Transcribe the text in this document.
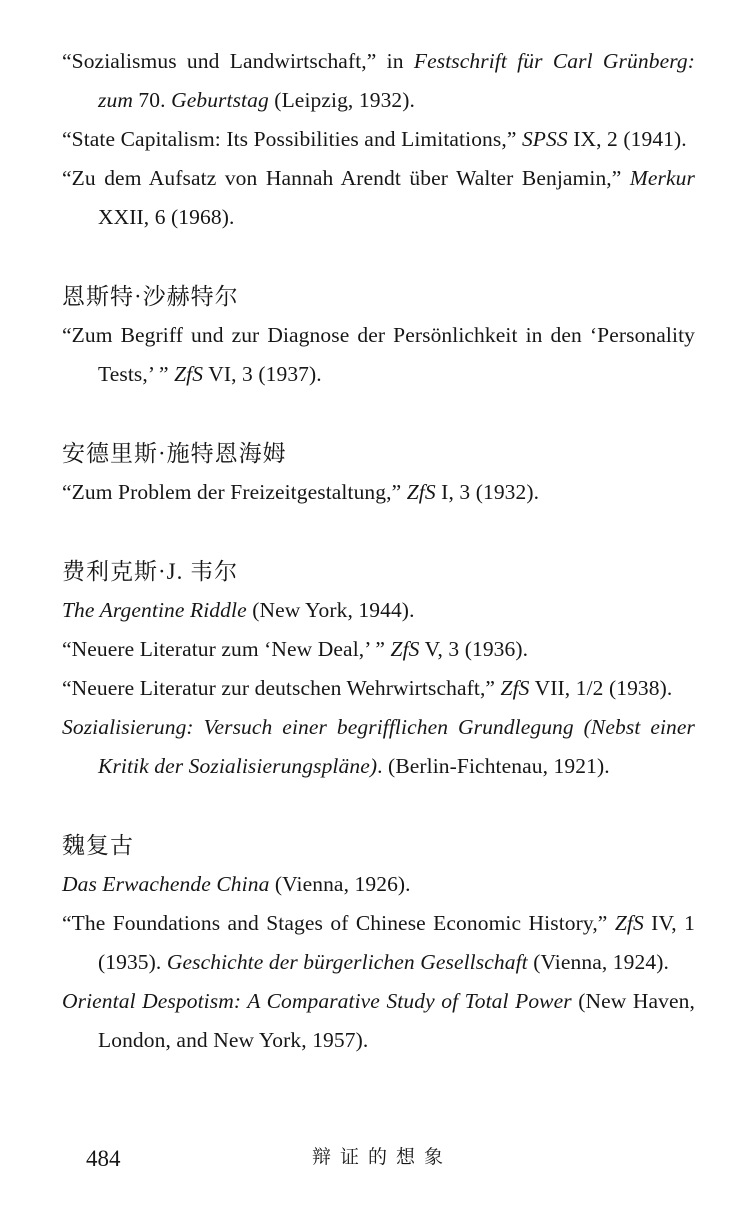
“Sozialismus und Landwirtschaft,” in Festschrift für Carl Grünberg: zum 70. Geburtstag (Leipzig, 1932).

“State Capitalism: Its Possibilities and Limitations,” SPSS IX, 2 (1941).

“Zu dem Aufsatz von Hannah Arendt über Walter Benjamin,” Merkur XXII, 6 (1968).

恩斯特·沙赫特尔

“Zum Begriff und zur Diagnose der Persönlichkeit in den ‘Personality Tests,’ ” ZfS VI, 3 (1937).

安德里斯·施特恩海姆

“Zum Problem der Freizeitgestaltung,” ZfS I, 3 (1932).

费利克斯·J. 韦尔

The Argentine Riddle (New York, 1944).

“Neuere Literatur zum ‘New Deal,’ ” ZfS V, 3 (1936).

“Neuere Literatur zur deutschen Wehrwirtschaft,” ZfS VII, 1/2 (1938).

Sozialisierung: Versuch einer begrifflichen Grundlegung (Nebst einer Kritik der Sozialisierungspläne). (Berlin-Fichtenau, 1921).

魏复古

Das Erwachende China (Vienna, 1926).

“The Foundations and Stages of Chinese Economic History,” ZfS IV, 1 (1935). Geschichte der bürgerlichen Gesellschaft (Vienna, 1924).

Oriental Despotism: A Comparative Study of Total Power (New Haven, London, and New York, 1957).

484	辩证的想象
